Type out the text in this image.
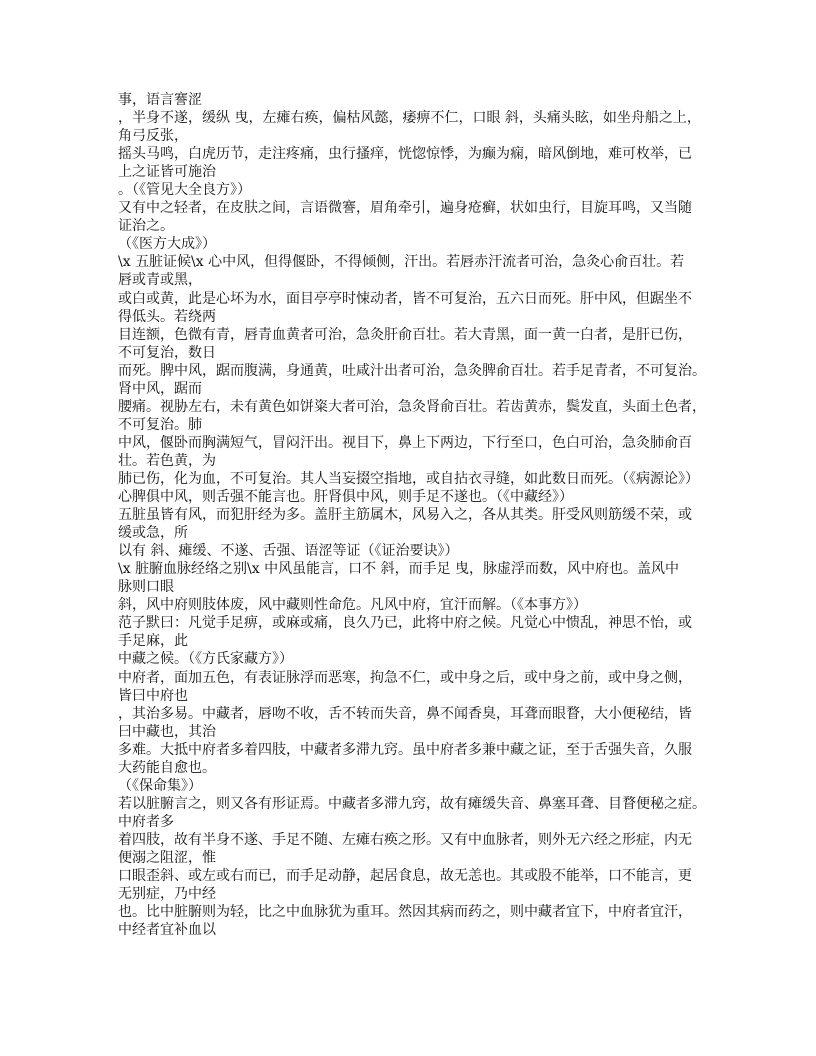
事，语言謇涩
，半身不遂，缓纵 曳，左瘫右痪，偏枯风懿，痿痹不仁，口眼 斜，头痛头眩，如坐舟船之上，
角弓反张，
摇头马鸣，白虎历节，走注疼痛，虫行搔痒，恍惚惊悸，为癫为痫，暗风倒地，难可枚举，已
上之证皆可施治
。（《管见大全良方》）
又有中之轻者，在皮肤之间，言语微謇，眉角牵引，遍身疮癣，状如虫行，目旋耳鸣，又当随
证治之。
（《医方大成》）
\x 五脏证候\x 心中风，但得偃卧，不得倾侧，汗出。若唇赤汗流者可治，急灸心俞百壮。若
唇或青或黑，
或白或黄，此是心坏为水，面目亭亭时悚动者，皆不可复治，五六日而死。肝中风，但踞坐不
得低头。若绕两
目连额，色微有青，唇青血黄者可治，急灸肝俞百壮。若大青黑，面一黄一白者，是肝已伤，
不可复治，数日
而死。脾中风，踞而腹满，身通黄，吐咸汁出者可治，急灸脾俞百壮。若手足青者，不可复治。
肾中风，踞而
腰痛。视胁左右，未有黄色如饼粢大者可治，急灸肾俞百壮。若齿黄赤，鬓发直，头面土色者，
不可复治。肺
中风，偃卧而胸满短气，冒闷汗出。视目下，鼻上下两边，下行至口，色白可治，急灸肺俞百
壮。若色黄，为
肺已伤，化为血，不可复治。其人当妄掇空指地，或自拈衣寻缝，如此数日而死。（《病源论》）
心脾俱中风，则舌强不能言也。肝肾俱中风，则手足不遂也。（《中藏经》）
五脏虽皆有风，而犯肝经为多。盖肝主筋属木，风易入之，各从其类。肝受风则筋缓不荣，或
缓或急，所
以有 斜、瘫缓、不遂、舌强、语涩等证（《证治要诀》）
\x 脏腑血脉经络之别\x 中风虽能言，口不 斜，而手足 曳，脉虚浮而数，风中府也。盖风中
脉则口眼
斜，风中府则肢体废，风中藏则性命危。凡风中府，宜汗而解。（《本事方》）
范子默曰：凡觉手足痹，或麻或痛，良久乃已，此将中府之候。凡觉心中愦乱，神思不怡，或
手足麻，此
中藏之候。（《方氏家藏方》）
中府者，面加五色，有表证脉浮而恶寒，拘急不仁，或中身之后，或中身之前，或中身之侧，
皆曰中府也
，其治多易。中藏者，唇吻不收，舌不转而失音，鼻不闻香臭，耳聋而眼瞀，大小便秘结，皆
曰中藏也，其治
多难。大抵中府者多着四肢，中藏者多滞九窍。虽中府者多兼中藏之证，至于舌强失音，久服
大药能自愈也。
（《保命集》）
若以脏腑言之，则又各有形证焉。中藏者多滞九窍，故有瘫缓失音、鼻塞耳聋、目瞀便秘之症。
中府者多
着四肢，故有半身不遂、手足不随、左瘫右痪之形。又有中血脉者，则外无六经之形症，内无
便溺之阻涩，惟
口眼歪斜、或左或右而已，而手足动静，起居食息，故无恙也。其或股不能举，口不能言，更
无别症，乃中经
也。比中脏腑则为轻，比之中血脉犹为重耳。然因其病而药之，则中藏者宜下，中府者宜汗，
中经者宜补血以
